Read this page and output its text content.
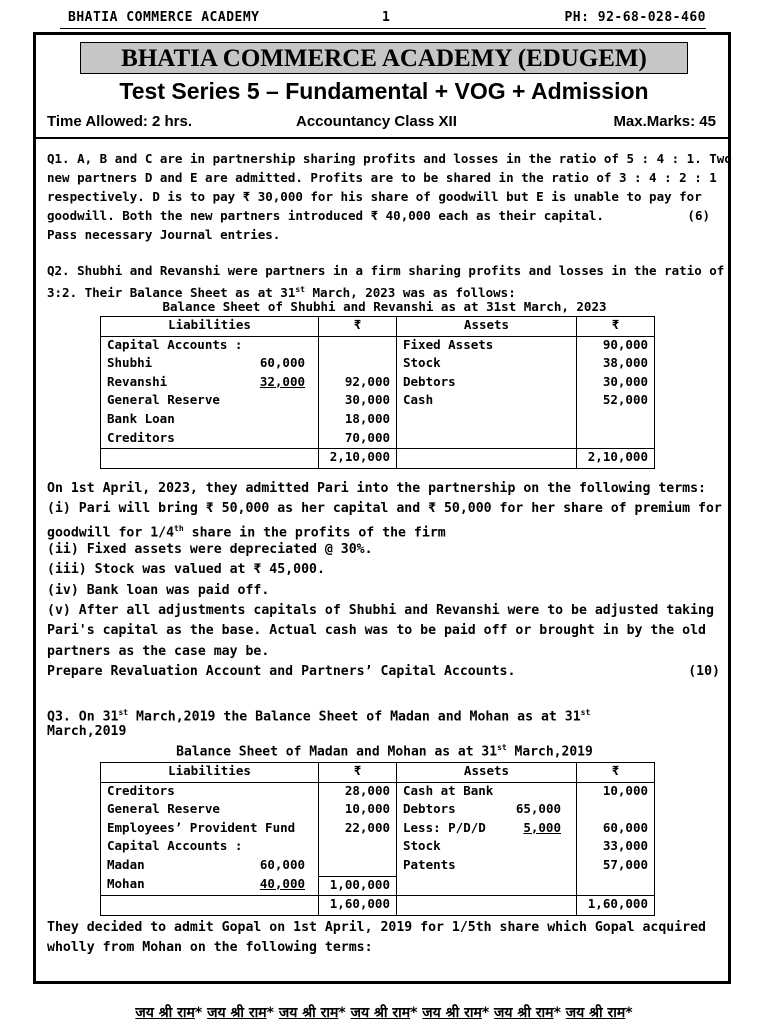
BHATIA COMMERCE ACADEMY	1	PH: 92-68-028-460
BHATIA COMMERCE ACADEMY (EDUGEM)
Test Series 5 – Fundamental + VOG + Admission
Time Allowed: 2 hrs.	Accountancy Class XII	Max.Marks: 45
Q1. A, B and C are in partnership sharing profits and losses in the ratio of 5 : 4 : 1. Two
new partners D and E are admitted. Profits are to be shared in the ratio of 3 : 4 : 2 : 1
respectively. D is to pay ₹ 30,000 for his share of goodwill but E is unable to pay for
goodwill. Both the new partners introduced ₹ 40,000 each as their capital.	(6)
Pass necessary Journal entries.
Q2. Shubhi and Revanshi were partners in a firm sharing profits and losses in the ratio of
3:2. Their Balance Sheet as at 31st March, 2023 was as follows:
Balance Sheet of Shubhi and Revanshi as at 31st March, 2023
Liabilities	₹	Assets	₹
Capital Accounts :		Fixed Assets	90,000
Shubhi 60,000		Stock	38,000
Revanshi 32,000	92,000	Debtors	30,000
General Reserve	30,000	Cash	52,000
Bank Loan	18,000		
Creditors	70,000		
	2,10,000		2,10,000
On 1st April, 2023, they admitted Pari into the partnership on the following terms:
(i) Pari will bring ₹ 50,000 as her capital and ₹ 50,000 for her share of premium for
goodwill for 1/4th share in the profits of the firm
(ii) Fixed assets were depreciated @ 30%.
(iii) Stock was valued at ₹ 45,000.
(iv) Bank loan was paid off.
(v) After all adjustments capitals of Shubhi and Revanshi were to be adjusted taking
Pari's capital as the base. Actual cash was to be paid off or brought in by the old
partners as the case may be.
Prepare Revaluation Account and Partners’ Capital Accounts.	(10)
Q3. On 31st March,2019 the Balance Sheet of Madan and Mohan as at 31st
March,2019
Balance Sheet of Madan and Mohan as at 31st March,2019
Liabilities	₹	Assets	₹
Creditors	28,000	Cash at Bank	10,000
General Reserve	10,000	Debtors 65,000	
Employees’ Provident Fund	22,000	Less: P/D/D 5,000	60,000
Capital Accounts :		Stock	33,000
Madan 60,000		Patents	57,000
Mohan 40,000	1,00,000		
	1,60,000		1,60,000
They decided to admit Gopal on 1st April, 2019 for 1/5th share which Gopal acquired
wholly from Mohan on the following terms:
जय श्री राम* जय श्री राम* जय श्री राम* जय श्री राम* जय श्री राम* जय श्री राम* जय श्री राम*
